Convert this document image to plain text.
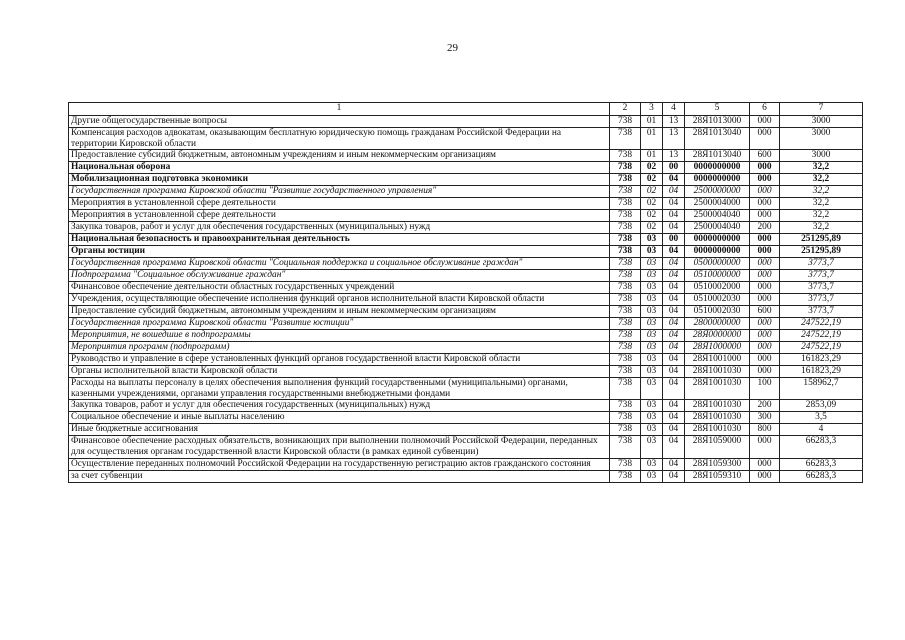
29
1	2	3	4	5	6	7
Другие общегосударственные вопросы	738	01	13	28Я1013000	000	3000
Компенсация расходов адвокатам, оказывающим бесплатную юридическую помощь гражданам Российской Федерации на территории Кировской области	738	01	13	28Я1013040	000	3000
Предоставление субсидий бюджетным, автономным учреждениям и иным некоммерческим организациям	738	01	13	28Я1013040	600	3000
Национальная оборона	738	02	00	0000000000	000	32,2
Мобилизационная подготовка экономики	738	02	04	0000000000	000	32,2
Государственная программа Кировской области "Развитие государственного управления"	738	02	04	2500000000	000	32,2
Мероприятия в установленной сфере деятельности	738	02	04	2500004000	000	32,2
Мероприятия в установленной сфере деятельности	738	02	04	2500004040	000	32,2
Закупка товаров, работ и услуг для обеспечения государственных (муниципальных) нужд	738	02	04	2500004040	200	32,2
Национальная безопасность и правоохранительная деятельность	738	03	00	0000000000	000	251295,89
Органы юстиции	738	03	04	0000000000	000	251295,89
Государственная программа Кировской области "Социальная поддержка и социальное обслуживание граждан"	738	03	04	0500000000	000	3773,7
Подпрограмма "Социальное обслуживание граждан"	738	03	04	0510000000	000	3773,7
Финансовое обеспечение деятельности областных государственных учреждений	738	03	04	0510002000	000	3773,7
Учреждения, осуществляющие обеспечение исполнения функций органов исполнительной власти Кировской области	738	03	04	0510002030	000	3773,7
Предоставление субсидий бюджетным, автономным учреждениям и иным некоммерческим организациям	738	03	04	0510002030	600	3773,7
Государственная программа Кировской области "Развитие юстиции"	738	03	04	2800000000	000	247522,19
Мероприятия, не вошедшие в подпрограммы	738	03	04	28Я0000000	000	247522,19
Мероприятия программ (подпрограмм)	738	03	04	28Я1000000	000	247522,19
Руководство и управление в сфере установленных функций органов государственной власти Кировской области	738	03	04	28Я1001000	000	161823,29
Органы исполнительной власти Кировской области	738	03	04	28Я1001030	000	161823,29
Расходы на выплаты персоналу в целях обеспечения выполнения функций государственными (муниципальными) органами, казенными учреждениями, органами управления государственными внебюджетными фондами	738	03	04	28Я1001030	100	158962,7
Закупка товаров, работ и услуг для обеспечения государственных (муниципальных) нужд	738	03	04	28Я1001030	200	2853,09
Социальное обеспечение и иные выплаты населению	738	03	04	28Я1001030	300	3,5
Иные бюджетные ассигнования	738	03	04	28Я1001030	800	4
Финансовое обеспечение расходных обязательств, возникающих при выполнении полномочий Российской Федерации, переданных для осуществления органам государственной власти Кировской области (в рамках единой субвенции)	738	03	04	28Я1059000	000	66283,3
Осуществление переданных полномочий Российской Федерации на государственную регистрацию актов гражданского состояния	738	03	04	28Я1059300	000	66283,3
за счет субвенции	738	03	04	28Я1059310	000	66283,3
